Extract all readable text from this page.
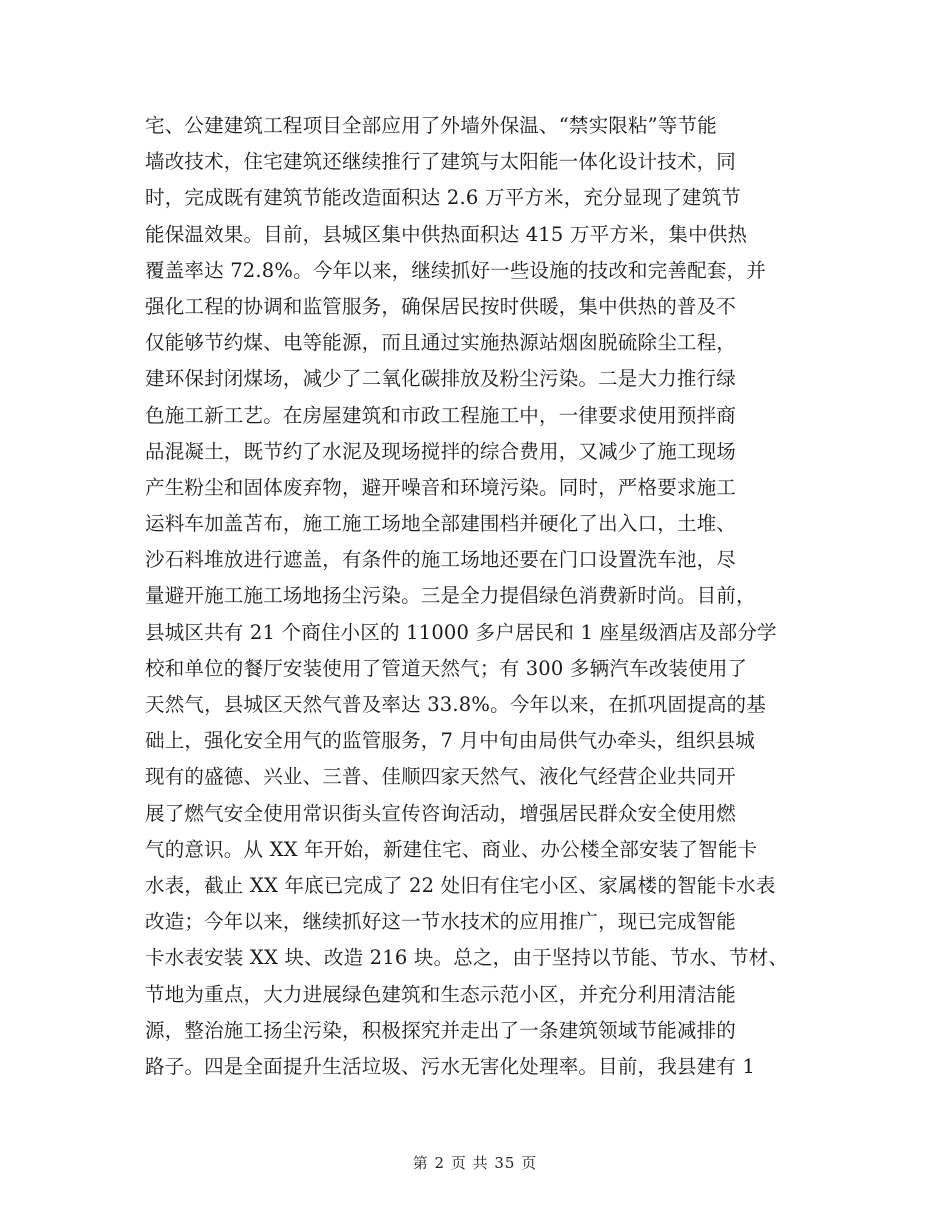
宅、公建建筑工程项目全部应用了外墙外保温、“禁实限粘”等节能
墙改技术，住宅建筑还继续推行了建筑与太阳能一体化设计技术，同
时，完成既有建筑节能改造面积达 2.6 万平方米，充分显现了建筑节
能保温效果。目前，县城区集中供热面积达 415 万平方米，集中供热
覆盖率达 72.8%。今年以来，继续抓好一些设施的技改和完善配套，并
强化工程的协调和监管服务，确保居民按时供暖，集中供热的普及不
仅能够节约煤、电等能源，而且通过实施热源站烟囱脱硫除尘工程，
建环保封闭煤场，减少了二氧化碳排放及粉尘污染。二是大力推行绿
色施工新工艺。在房屋建筑和市政工程施工中，一律要求使用预拌商
品混凝土，既节约了水泥及现场搅拌的综合费用，又减少了施工现场
产生粉尘和固体废弃物，避开噪音和环境污染。同时，严格要求施工
运料车加盖苫布，施工施工场地全部建围档并硬化了出入口，土堆、
沙石料堆放进行遮盖，有条件的施工场地还要在门口设置洗车池，尽
量避开施工施工场地扬尘污染。三是全力提倡绿色消费新时尚。目前，
县城区共有 21 个商住小区的 11000 多户居民和 1 座星级酒店及部分学
校和单位的餐厅安装使用了管道天然气；有 300 多辆汽车改装使用了
天然气，县城区天然气普及率达 33.8%。今年以来，在抓巩固提高的基
础上，强化安全用气的监管服务，7 月中旬由局供气办牵头，组织县城
现有的盛德、兴业、三普、佳顺四家天然气、液化气经营企业共同开
展了燃气安全使用常识街头宣传咨询活动，增强居民群众安全使用燃
气的意识。从 XX 年开始，新建住宅、商业、办公楼全部安装了智能卡
水表，截止 XX 年底已完成了 22 处旧有住宅小区、家属楼的智能卡水表
改造；今年以来，继续抓好这一节水技术的应用推广，现已完成智能
卡水表安装 XX 块、改造 216 块。总之，由于坚持以节能、节水、节材、
节地为重点，大力进展绿色建筑和生态示范小区，并充分利用清洁能
源，整治施工扬尘污染，积极探究并走出了一条建筑领域节能减排的
路子。四是全面提升生活垃圾、污水无害化处理率。目前，我县建有 1
第 2 页 共 35 页
